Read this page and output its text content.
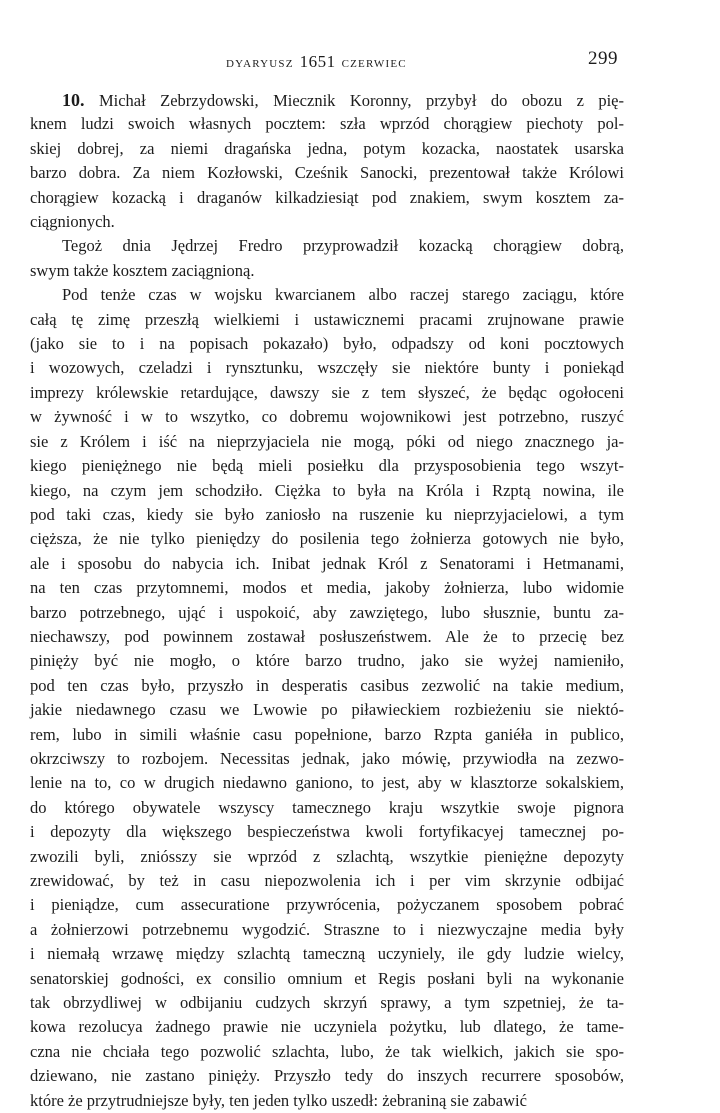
DYARYUSZ 1651 CZERWIEC	299
10. Michał Zebrzydowski, Miecznik Koronny, przybył do obozu z pię-
knem ludzi swoich własnych pocztem: szła wprzód chorągiew piechoty pol-
skiej dobrej, za niemi dragańska jedna, potym kozacka, naostatek usarska
barzo dobra. Za niem Kozłowski, Cześnik Sanocki, prezentował także Królowi
chorągiew kozacką i draganów kilkadziesiąt pod znakiem, swym kosztem za-
ciągnionych.
Tegoż dnia Jędrzej Fredro przyprowadził kozacką chorągiew dobrą,
swym także kosztem zaciągnioną.
Pod tenże czas w wojsku kwarcianem albo raczej starego zaciągu, które
całą tę zimę przeszłą wielkiemi i ustawicznemi pracami zrujnowane prawie
(jako sie to i na popisach pokazało) było, odpadszy od koni pocztowych
i wozowych, czeladzi i rynsztunku, wszczęły sie niektóre bunty i poniekąd
imprezy królewskie retardujące, dawszy sie z tem słyszeć, że będąc ogołoceni
w żywność i w to wszytko, co dobremu wojownikowi jest potrzebno, ruszyć
sie z Królem i iść na nieprzyjaciela nie mogą, póki od niego znacznego ja-
kiego pieniężnego nie będą mieli posiełku dla przysposobienia tego wszyt-
kiego, na czym jem schodziło. Ciężka to była na Króla i Rzptą nowina, ile
pod taki czas, kiedy sie było zaniosło na ruszenie ku nieprzyjacielowi, a tym
cięższa, że nie tylko pieniędzy do posilenia tego żołnierza gotowych nie było,
ale i sposobu do nabycia ich. Inibat jednak Król z Senatorami i Hetmanami,
na ten czas przytomnemi, modos et media, jakoby żołnierza, lubo widomie
barzo potrzebnego, ująć i uspokoić, aby zawziętego, lubo słusznie, buntu za-
niechawszy, pod powinnem zostawał posłuszeństwem. Ale że to przecię bez
pinięży być nie mogło, o które barzo trudno, jako sie wyżej namieniło,
pod ten czas było, przyszło in desperatis casibus zezwolić na takie medium,
jakie niedawnego czasu we Lwowie po piławieckiem rozbieżeniu sie niektó-
rem, lubo in simili właśnie casu popełnione, barzo Rzpta ganiéła in publico,
okrzciwszy to rozbojem. Necessitas jednak, jako mówię, przywiodła na zezwo-
lenie na to, co w drugich niedawno ganiono, to jest, aby w klasztorze sokalskiem,
do którego obywatele wszyscy tamecznego kraju wszytkie swoje pignora
i depozyty dla większego bespieczeństwa kwoli fortyfikacyej tamecznej po-
zwozili byli, zniósszy sie wprzód z szlachtą, wszytkie pieniężne depozyty
zrewidować, by też in casu niepozwolenia ich i per vim skrzynie odbijać
i pieniądze, cum assecuratione przywrócenia, pożyczanem sposobem pobrać
a żołnierzowi potrzebnemu wygodzić. Straszne to i niezwyczajne media były
i niemałą wrzawę między szlachtą tameczną uczyniely, ile gdy ludzie wielcy,
senatorskiej godności, ex consilio omnium et Regis posłani byli na wykonanie
tak obrzydliwej w odbijaniu cudzych skrzyń sprawy, a tym szpetniej, że ta-
kowa rezolucya żadnego prawie nie uczyniela pożytku, lub dlatego, że tame-
czna nie chciała tego pozwolić szlachta, lubo, że tak wielkich, jakich sie spo-
dziewano, nie zastano pinięży. Przyszło tedy do inszych recurrere sposobów,
które że przytrudniejsze były, ten jeden tylko uszedł: żebraniną sie zabawić
